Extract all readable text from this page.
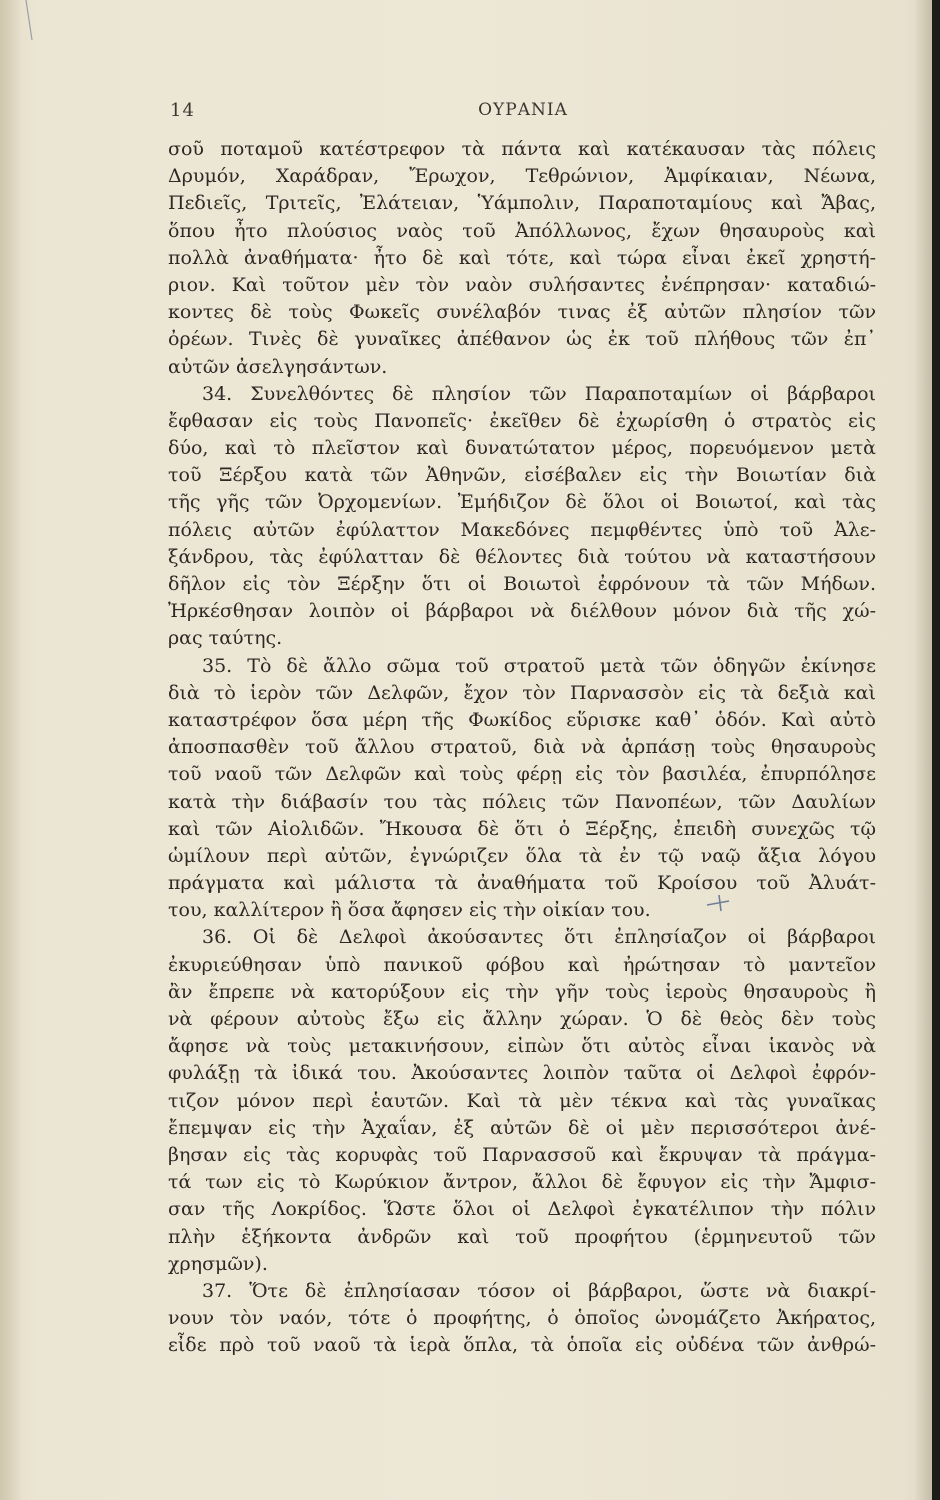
14	ΟΥΡΑΝΙΑ
σοῦ ποταμοῦ κατέστρεφον τὰ πάντα καὶ κατέκαυσαν τὰς πόλεις
Δρυμόν, Χαράδραν, Ἔρωχον, Τεθρώνιον, Ἀμφίκαιαν, Νέωνα,
Πεδιεῖς, Τριτεῖς, Ἐλάτειαν, Ὑάμπολιν, Παραποταμίους καὶ Ἄβας,
ὅπου ἦτο πλούσιος ναὸς τοῦ Ἀπόλλωνος, ἔχων θησαυροὺς καὶ
πολλὰ ἀναθήματα· ἦτο δὲ καὶ τότε, καὶ τώρα εἶναι ἐκεῖ χρηστή-
ριον. Καὶ τοῦτον μὲν τὸν ναὸν συλήσαντες ἐνέπρησαν· καταδιώ-
κοντες δὲ τοὺς Φωκεῖς συνέλαβόν τινας ἐξ αὐτῶν πλησίον τῶν
ὀρέων. Τινὲς δὲ γυναῖκες ἀπέθανον ὡς ἐκ τοῦ πλήθους τῶν ἐπ᾽
αὐτῶν ἀσελγησάντων.
34. Συνελθόντες δὲ πλησίον τῶν Παραποταμίων οἱ βάρβαροι
ἔφθασαν εἰς τοὺς Πανοπεῖς· ἐκεῖθεν δὲ ἐχωρίσθη ὁ στρατὸς εἰς
δύο, καὶ τὸ πλεῖστον καὶ δυνατώτατον μέρος, πορευόμενον μετὰ
τοῦ Ξέρξου κατὰ τῶν Ἀθηνῶν, εἰσέβαλεν εἰς τὴν Βοιωτίαν διὰ
τῆς γῆς τῶν Ὀρχομενίων. Ἐμήδιζον δὲ ὅλοι οἱ Βοιωτοί, καὶ τὰς
πόλεις αὐτῶν ἐφύλαττον Μακεδόνες πεμφθέντες ὑπὸ τοῦ Ἀλε-
ξάνδρου, τὰς ἐφύλατταν δὲ θέλοντες διὰ τούτου νὰ καταστήσουν
δῆλον εἰς τὸν Ξέρξην ὅτι οἱ Βοιωτοὶ ἐφρόνουν τὰ τῶν Μήδων.
Ἠρκέσθησαν λοιπὸν οἱ βάρβαροι νὰ διέλθουν μόνον διὰ τῆς χώ-
ρας ταύτης.
35. Τὸ δὲ ἄλλο σῶμα τοῦ στρατοῦ μετὰ τῶν ὁδηγῶν ἐκίνησε
διὰ τὸ ἱερὸν τῶν Δελφῶν, ἔχον τὸν Παρνασσὸν εἰς τὰ δεξιὰ καὶ
καταστρέφον ὅσα μέρη τῆς Φωκίδος εὕρισκε καθ᾽ ὁδόν. Καὶ αὐτὸ
ἀποσπασθὲν τοῦ ἄλλου στρατοῦ, διὰ νὰ ἁρπάσῃ τοὺς θησαυροὺς
τοῦ ναοῦ τῶν Δελφῶν καὶ τοὺς φέρῃ εἰς τὸν βασιλέα, ἐπυρπόλησε
κατὰ τὴν διάβασίν του τὰς πόλεις τῶν Πανοπέων, τῶν Δαυλίων
καὶ τῶν Αἰολιδῶν. Ἤκουσα δὲ ὅτι ὁ Ξέρξης, ἐπειδὴ συνεχῶς τῷ
ὡμίλουν περὶ αὐτῶν, ἐγνώριζεν ὅλα τὰ ἐν τῷ ναῷ ἄξια λόγου
πράγματα καὶ μάλιστα τὰ ἀναθήματα τοῦ Κροίσου τοῦ Ἀλυάτ-
του, καλλίτερον ἢ ὅσα ἄφησεν εἰς τὴν οἰκίαν του.
36. Οἱ δὲ Δελφοὶ ἀκούσαντες ὅτι ἐπλησίαζον οἱ βάρβαροι
ἐκυριεύθησαν ὑπὸ πανικοῦ φόβου καὶ ἠρώτησαν τὸ μαντεῖον
ἂν ἔπρεπε νὰ κατορύξουν εἰς τὴν γῆν τοὺς ἱεροὺς θησαυροὺς ἢ
νὰ φέρουν αὐτοὺς ἔξω εἰς ἄλλην χώραν. Ὁ δὲ θεὸς δὲν τοὺς
ἄφησε νὰ τοὺς μετακινήσουν, εἰπὼν ὅτι αὐτὸς εἶναι ἱκανὸς νὰ
φυλάξῃ τὰ ἰδικά του. Ἀκούσαντες λοιπὸν ταῦτα οἱ Δελφοὶ ἐφρόν-
τιζον μόνον περὶ ἑαυτῶν. Καὶ τὰ μὲν τέκνα καὶ τὰς γυναῖκας
ἔπεμψαν εἰς τὴν Ἀχαΐαν, ἐξ αὐτῶν δὲ οἱ μὲν περισσότεροι ἀνέ-
βησαν εἰς τὰς κορυφὰς τοῦ Παρνασσοῦ καὶ ἔκρυψαν τὰ πράγμα-
τά των εἰς τὸ Κωρύκιον ἄντρον, ἄλλοι δὲ ἔφυγον εἰς τὴν Ἄμφισ-
σαν τῆς Λοκρίδος. Ὥστε ὅλοι οἱ Δελφοὶ ἐγκατέλιπον τὴν πόλιν
πλὴν ἑξήκοντα ἀνδρῶν καὶ τοῦ προφήτου (ἑρμηνευτοῦ τῶν
χρησμῶν).
37. Ὅτε δὲ ἐπλησίασαν τόσον οἱ βάρβαροι, ὥστε νὰ διακρί-
νουν τὸν ναόν, τότε ὁ προφήτης, ὁ ὁποῖος ὠνομάζετο Ἀκήρατος,
εἶδε πρὸ τοῦ ναοῦ τὰ ἱερὰ ὅπλα, τὰ ὁποῖα εἰς οὐδένα τῶν ἀνθρώ-
